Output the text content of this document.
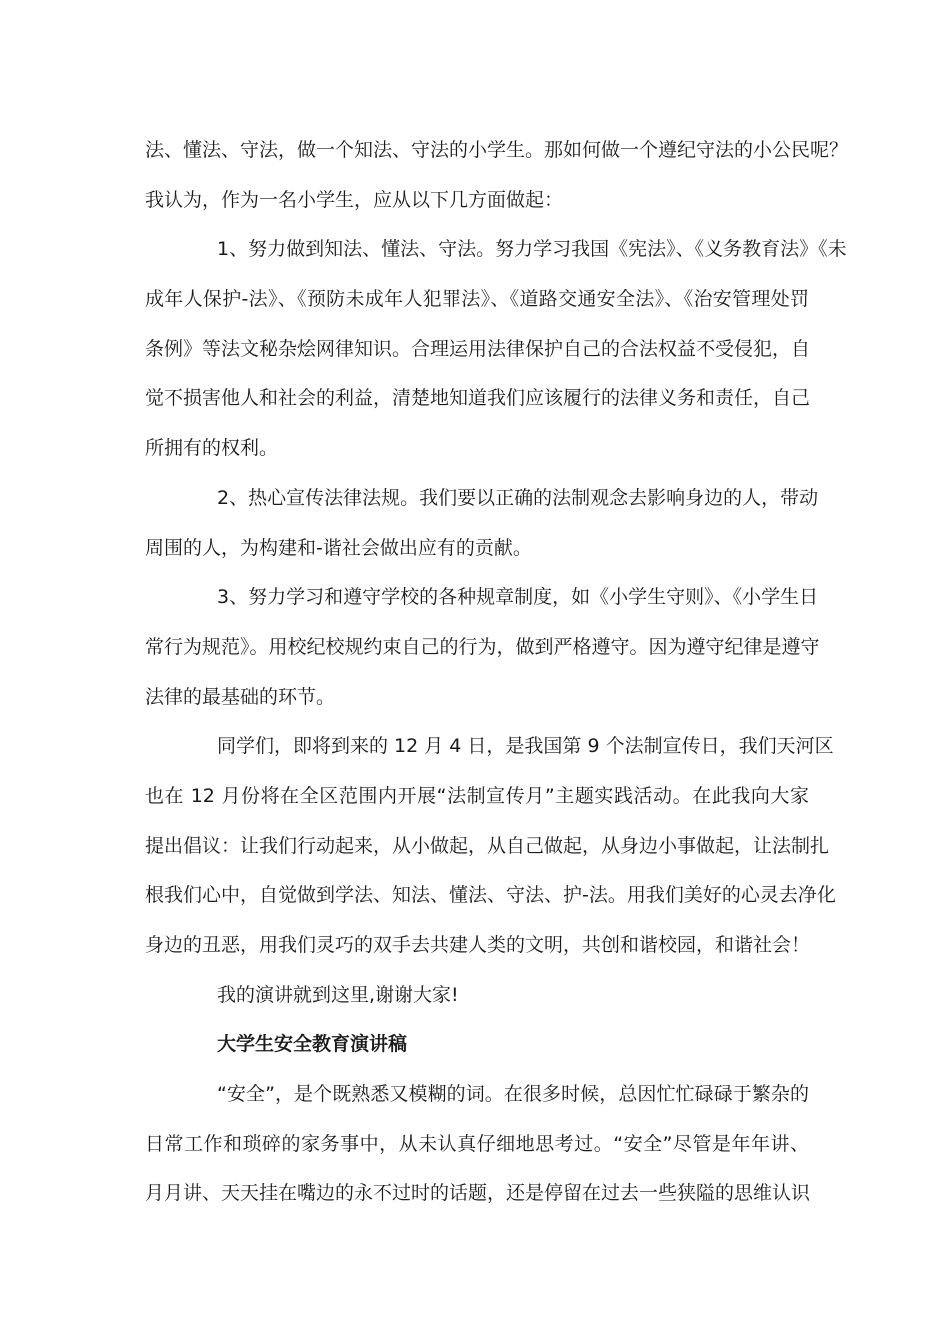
法、懂法、守法，做一个知法、守法的小学生。那如何做一个遵纪守法的小公民呢？
我认为，作为一名小学生，应从以下几方面做起：
1、努力做到知法、懂法、守法。努力学习我国《宪法》、《义务教育法》《未
成年人保护-法》、《预防未成年人犯罪法》、《道路交通安全法》、《治安管理处罚
条例》等法文秘杂烩网律知识。合理运用法律保护自己的合法权益不受侵犯，自
觉不损害他人和社会的利益，清楚地知道我们应该履行的法律义务和责任，自己
所拥有的权利。
2、热心宣传法律法规。我们要以正确的法制观念去影响身边的人，带动
周围的人，为构建和-谐社会做出应有的贡献。
3、努力学习和遵守学校的各种规章制度，如《小学生守则》、《小学生日
常行为规范》。用校纪校规约束自己的行为，做到严格遵守。因为遵守纪律是遵守
法律的最基础的环节。
同学们，即将到来的 12 月 4 日，是我国第 9 个法制宣传日，我们天河区
也在 12 月份将在全区范围内开展“法制宣传月”主题实践活动。在此我向大家
提出倡议：让我们行动起来，从小做起，从自己做起，从身边小事做起，让法制扎
根我们心中，自觉做到学法、知法、懂法、守法、护-法。用我们美好的心灵去净化
身边的丑恶，用我们灵巧的双手去共建人类的文明，共创和谐校园，和谐社会！
我的演讲就到这里,谢谢大家!
大学生安全教育演讲稿
“安全”，是个既熟悉又模糊的词。在很多时候，总因忙忙碌碌于繁杂的
日常工作和琐碎的家务事中，从未认真仔细地思考过。“安全”尽管是年年讲、
月月讲、天天挂在嘴边的永不过时的话题，还是停留在过去一些狭隘的思维认识
